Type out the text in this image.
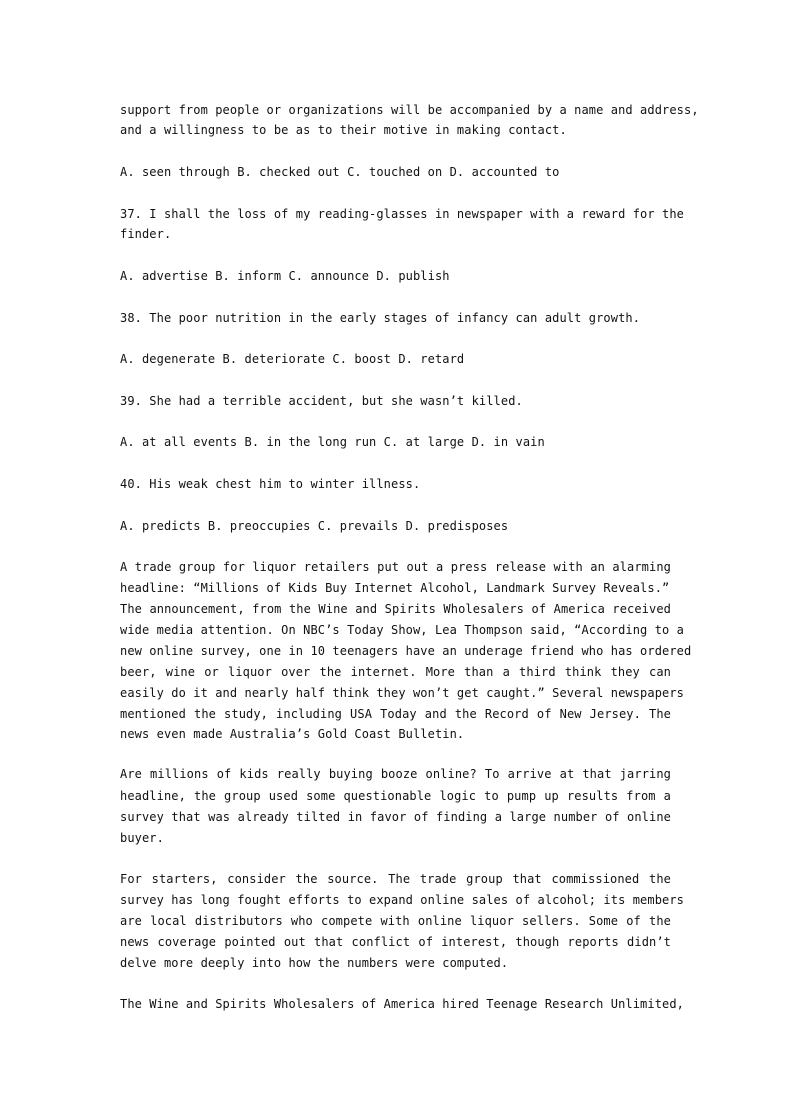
support from people or organizations will be accompanied by a name and address,
and a willingness to be as to their motive in making contact.
A. seen through B. checked out C. touched on D. accounted to
37. I shall the loss of my reading-glasses in newspaper with a reward for the
finder.
A. advertise B. inform C. announce D. publish
38. The poor nutrition in the early stages of infancy can adult growth.
A. degenerate B. deteriorate C. boost D. retard
39. She had a terrible accident, but she wasn’t killed.
A. at all events B. in the long run C. at large D. in vain
40. His weak chest him to winter illness.
A. predicts B. preoccupies C. prevails D. predisposes
A trade group for liquor retailers put out a press release with an alarming
headline: “Millions of Kids Buy Internet Alcohol, Landmark Survey Reveals.”
The announcement, from the Wine and Spirits Wholesalers of America received
wide media attention. On NBC’s Today Show, Lea Thompson said, “According to a
new online survey, one in 10 teenagers have an underage friend who has ordered
beer, wine or liquor over the internet. More than a third think they can
easily do it and nearly half think they won’t get caught.” Several newspapers
mentioned the study, including USA Today and the Record of New Jersey. The
news even made Australia’s Gold Coast Bulletin.
Are millions of kids really buying booze online? To arrive at that jarring
headline, the group used some questionable logic to pump up results from a
survey that was already tilted in favor of finding a large number of online
buyer.
For starters, consider the source. The trade group that commissioned the
survey has long fought efforts to expand online sales of alcohol; its members
are local distributors who compete with online liquor sellers. Some of the
news coverage pointed out that conflict of interest, though reports didn’t
delve more deeply into how the numbers were computed.
The Wine and Spirits Wholesalers of America hired Teenage Research Unlimited,
